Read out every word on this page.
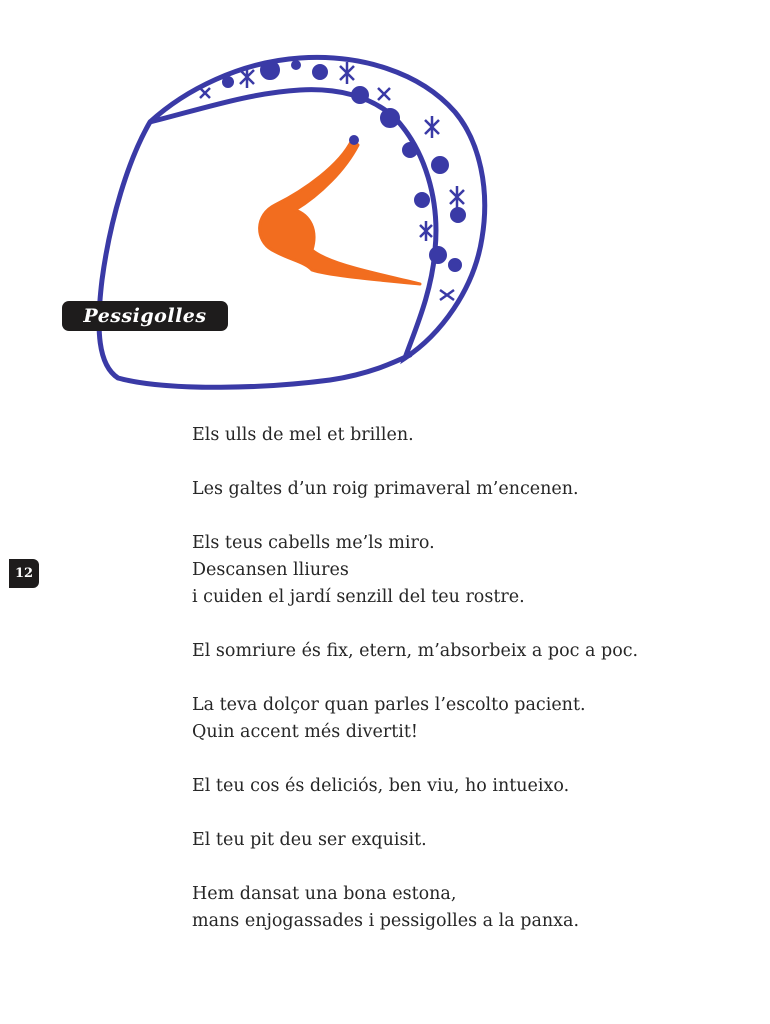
Pessigolles
12

Els ulls de mel et brillen.

Les galtes d’un roig primaveral m’encenen.

Els teus cabells me’ls miro.
Descansen lliures
i cuiden el jardí senzill del teu rostre.

El somriure és fix, etern, m’absorbeix a poc a poc.

La teva dolçor quan parles l’escolto pacient.
Quin accent més divertit!

El teu cos és deliciós, ben viu, ho intueixo.

El teu pit deu ser exquisit.

Hem dansat una bona estona,
mans enjogassades i pessigolles a la panxa.
